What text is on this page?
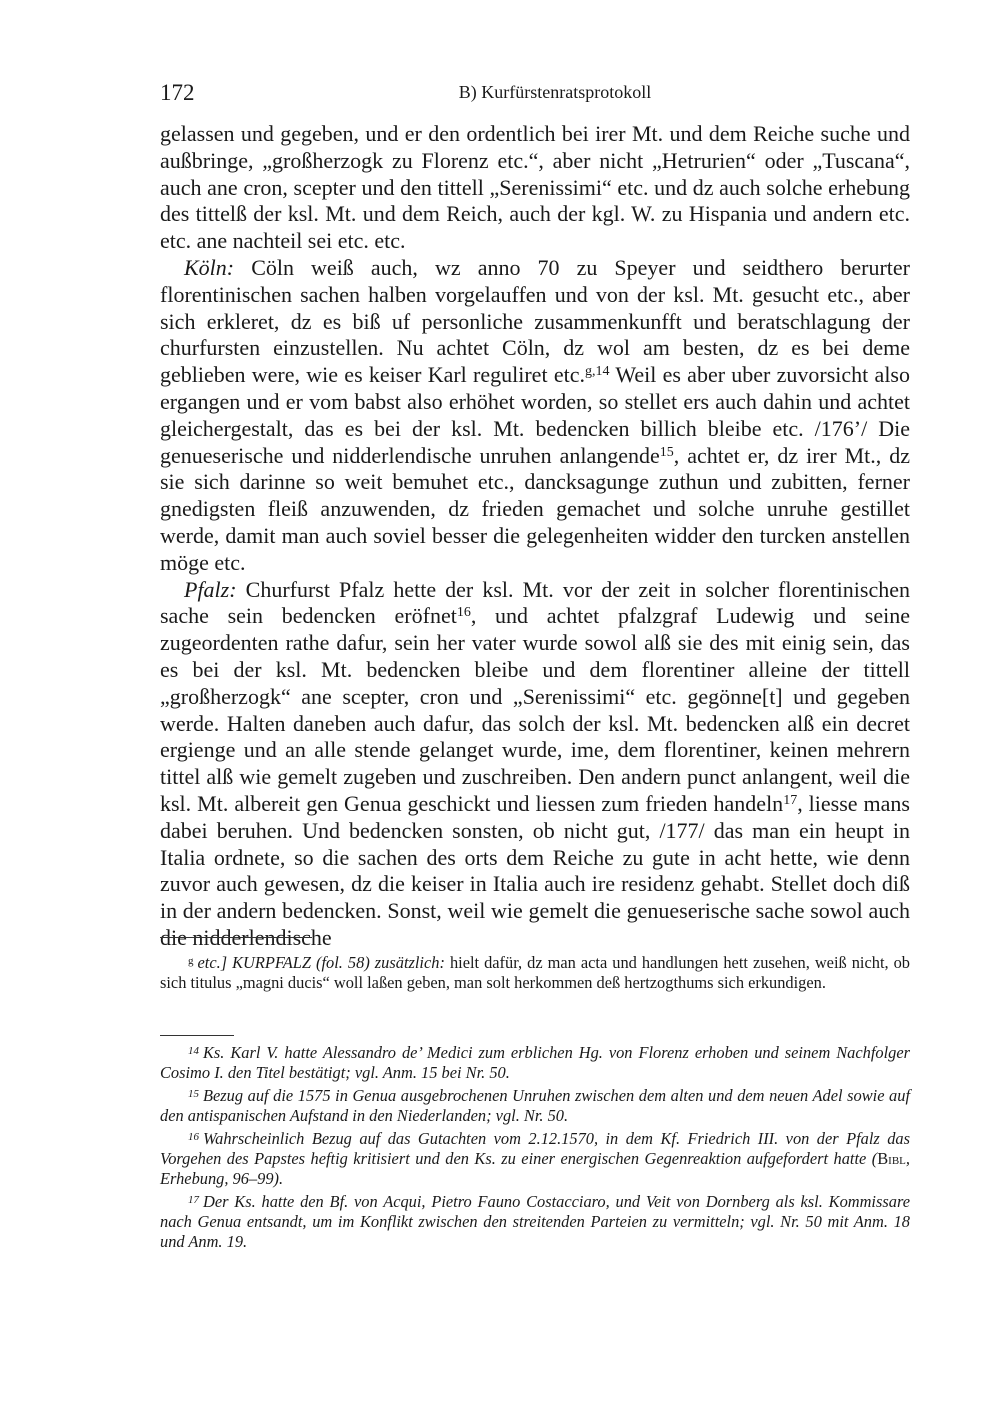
172	B) Kurfürstenratsprotokoll

gelassen und gegeben, und er den ordentlich bei irer Mt. und dem Reiche suche und außbringe, „großherzogk zu Florenz etc.“, aber nicht „Hetrurien“ oder „Tuscana“, auch ane cron, scepter und den tittell „Serenissimi“ etc. und dz auch solche erhebung des tittelß der ksl. Mt. und dem Reich, auch der kgl. W. zu Hispania und andern etc. etc. ane nachteil sei etc. etc.

Köln: Cöln weiß auch, wz anno 70 zu Speyer und seidthero berurter florentinischen sachen halben vorgelauffen und von der ksl. Mt. gesucht etc., aber sich erkleret, dz es biß uf personliche zusammenkunfft und beratschlagung der churfursten einzustellen. Nu achtet Cöln, dz wol am besten, dz es bei deme geblieben were, wie es keiser Karl reguliret etc.$^{g,14}$ Weil es aber uber zuvorsicht also ergangen und er vom babst also erhöhet worden, so stellet ers auch dahin und achtet gleichergestalt, das es bei der ksl. Mt. bedencken billich bleibe etc. /176’/ Die genueserische und nidderlendische unruhen anlangende$^{15}$, achtet er, dz irer Mt., dz sie sich darinne so weit bemuhet etc., dancksagunge zuthun und zubitten, ferner gnedigsten fleiß anzuwenden, dz frieden gemachet und solche unruhe gestillet werde, damit man auch soviel besser die gelegenheiten widder den turcken anstellen möge etc.

Pfalz: Churfurst Pfalz hette der ksl. Mt. vor der zeit in solcher florentinischen sache sein bedencken eröfnet$^{16}$, und achtet pfalzgraf Ludewig und seine zugeordenten rathe dafur, sein her vater wurde sowol alß sie des mit einig sein, das es bei der ksl. Mt. bedencken bleibe und dem florentiner alleine der tittell „großherzogk“ ane scepter, cron und „Serenissimi“ etc. gegönne[t] und gegeben werde. Halten daneben auch dafur, das solch der ksl. Mt. bedencken alß ein decret ergienge und an alle stende gelanget wurde, ime, dem florentiner, keinen mehrern tittel alß wie gemelt zugeben und zuschreiben. Den andern punct anlangent, weil die ksl. Mt. albereit gen Genua geschickt und liessen zum frieden handeln$^{17}$, liesse mans dabei beruhen. Und bedencken sonsten, ob nicht gut, /177/ das man ein heupt in Italia ordnete, so die sachen des orts dem Reiche zu gute in acht hette, wie denn zuvor auch gewesen, dz die keiser in Italia auch ire residenz gehabt. Stellet doch diß in der andern bedencken. Sonst, weil wie gemelt die genueserische sache sowol auch die nidderlendische

$^g$ etc.] KURPFALZ (fol. 58) zusätzlich: hielt dafür, dz man acta und handlungen hett zusehen, weiß nicht, ob sich titulus „magni ducis“ woll laßen geben, man solt herkommen deß hertzogthums sich erkundigen.

$^{14}$ Ks. Karl V. hatte Alessandro de’ Medici zum erblichen Hg. von Florenz erhoben und seinem Nachfolger Cosimo I. den Titel bestätigt; vgl. Anm. 15 bei Nr. 50.

$^{15}$ Bezug auf die 1575 in Genua ausgebrochenen Unruhen zwischen dem alten und dem neuen Adel sowie auf den antispanischen Aufstand in den Niederlanden; vgl. Nr. 50.

$^{16}$ Wahrscheinlich Bezug auf das Gutachten vom 2.12.1570, in dem Kf. Friedrich III. von der Pfalz das Vorgehen des Papstes heftig kritisiert und den Ks. zu einer energischen Gegenreaktion aufgefordert hatte (Bibl, Erhebung, 96–99).

$^{17}$ Der Ks. hatte den Bf. von Acqui, Pietro Fauno Costacciaro, und Veit von Dornberg als ksl. Kommissare nach Genua entsandt, um im Konflikt zwischen den streitenden Parteien zu vermitteln; vgl. Nr. 50 mit Anm. 18 und Anm. 19.
